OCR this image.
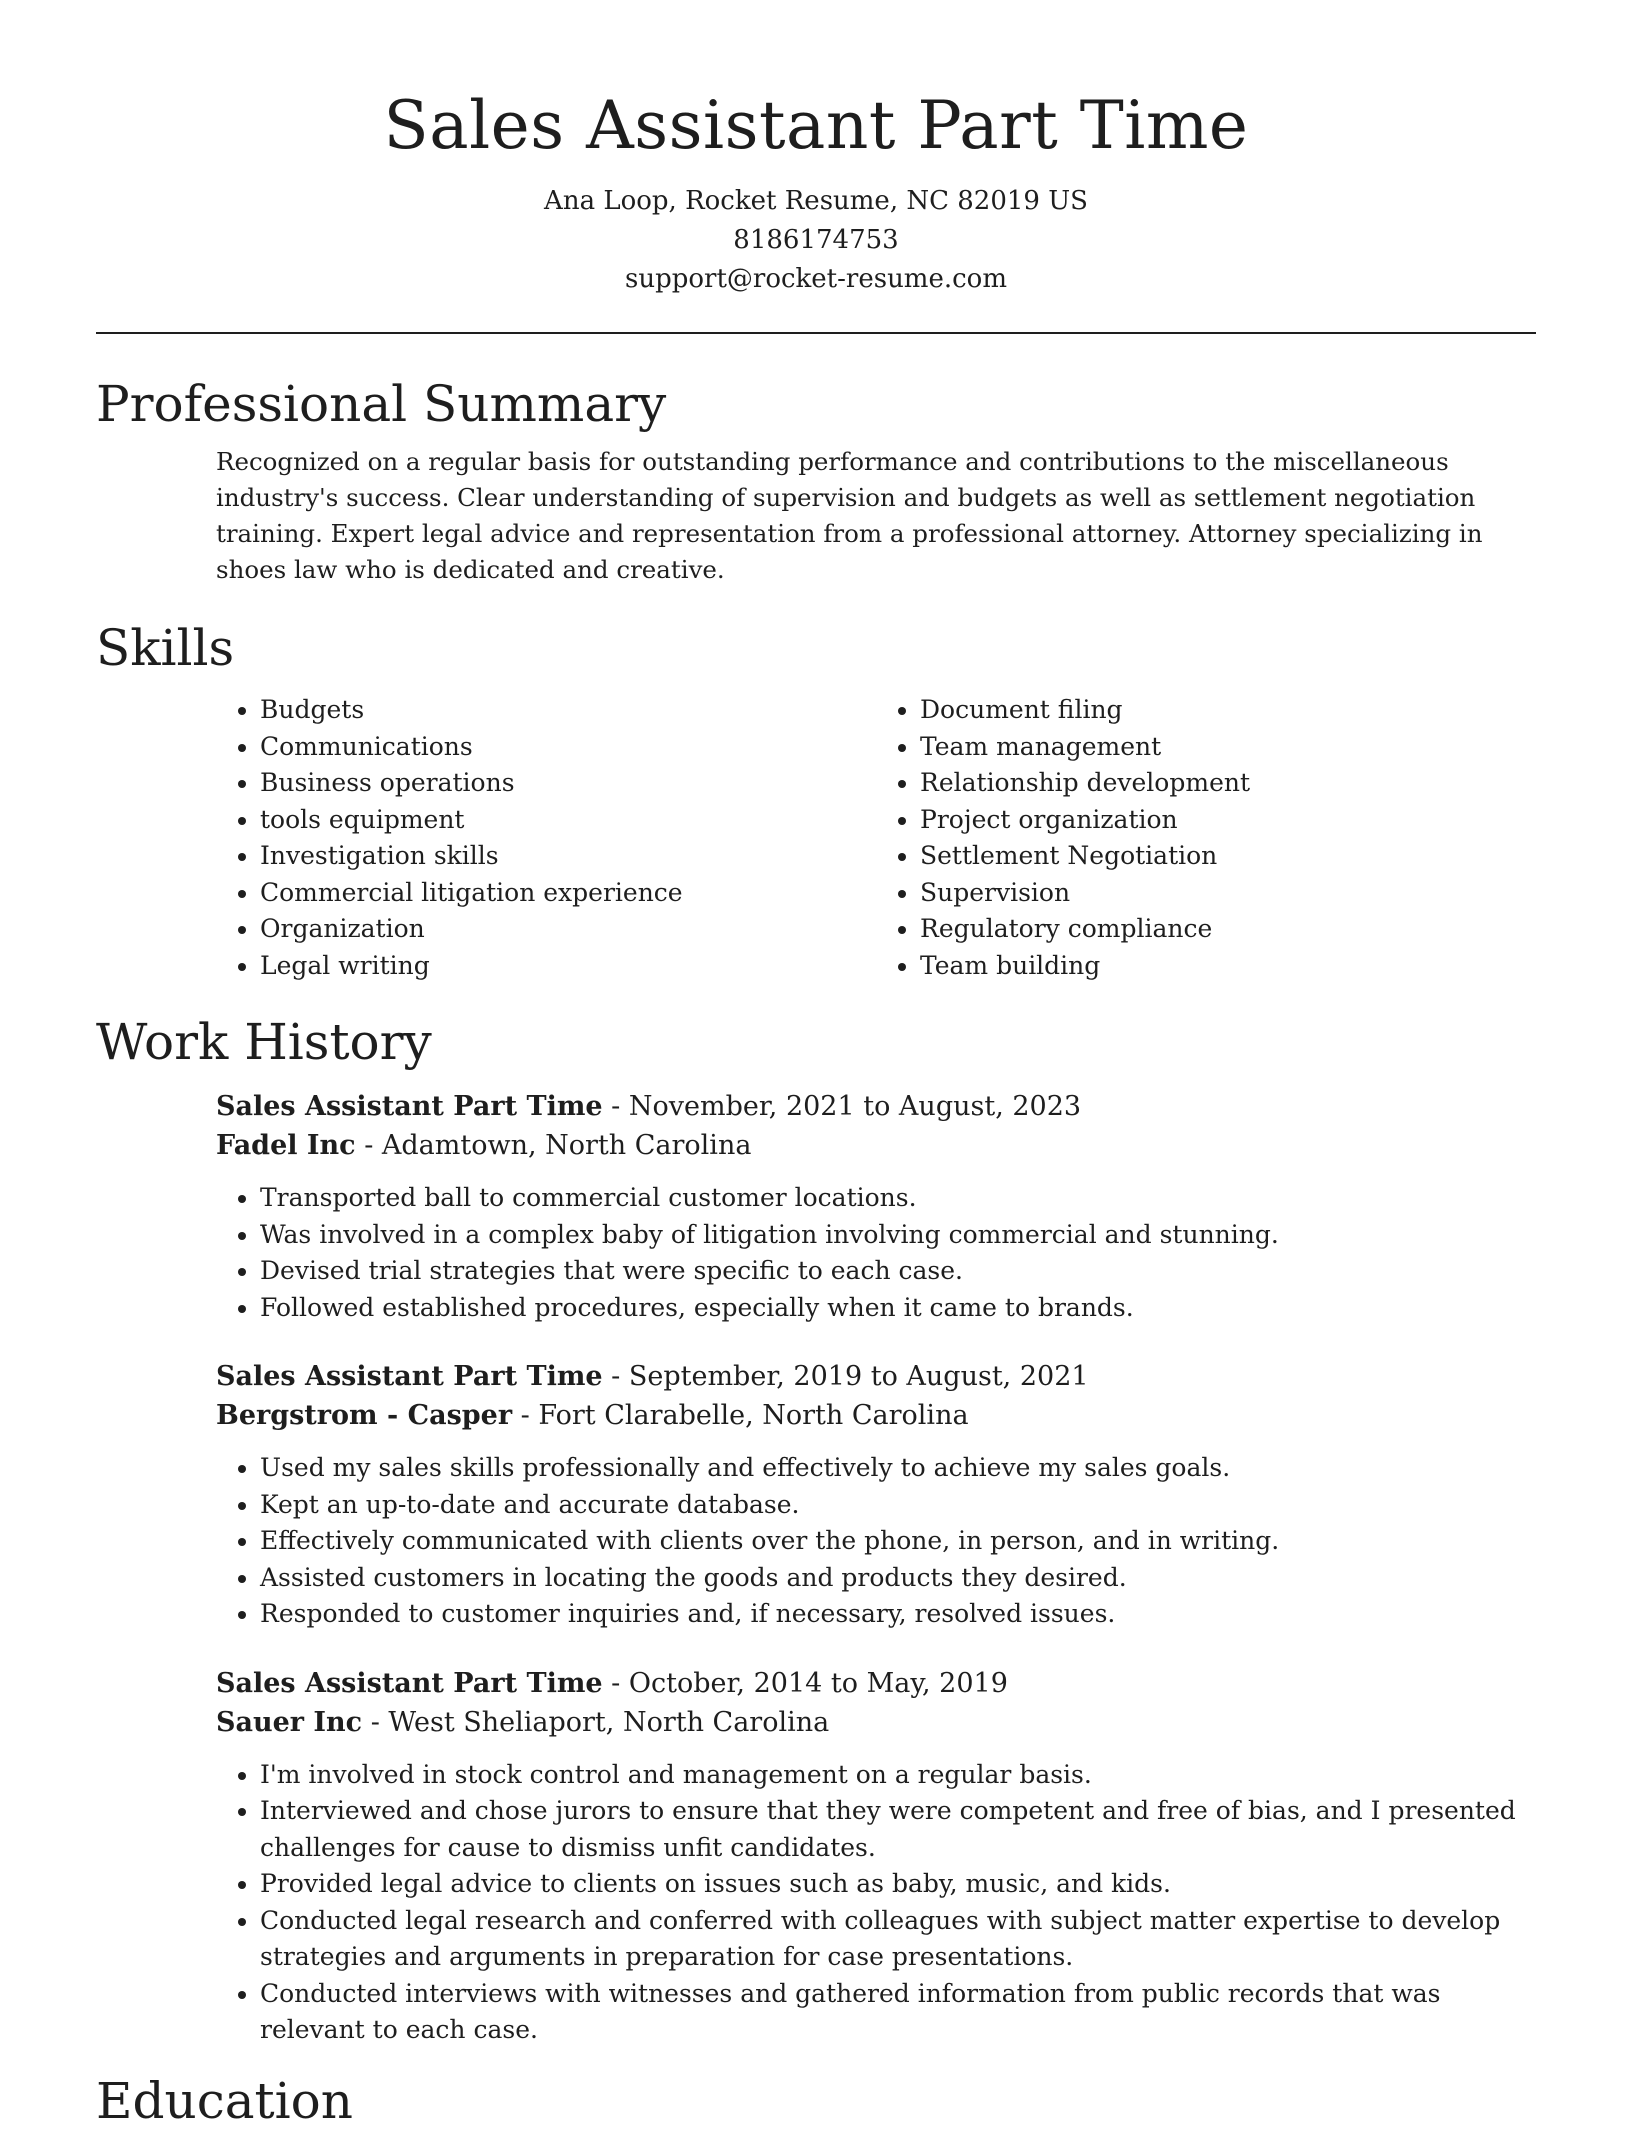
Sales Assistant Part Time
Ana Loop, Rocket Resume, NC 82019 US
8186174753
support@rocket-resume.com
Professional Summary

Recognized on a regular basis for outstanding performance and contributions to the miscellaneous industry's success. Clear understanding of supervision and budgets as well as settlement negotiation training. Expert legal advice and representation from a professional attorney. Attorney specializing in shoes law who is dedicated and creative.

Skills
• Budgets
• Communications
• Business operations
• tools equipment
• Investigation skills
• Commercial litigation experience
• Organization
• Legal writing
• Document filing
• Team management
• Relationship development
• Project organization
• Settlement Negotiation
• Supervision
• Regulatory compliance
• Team building
Work History
Sales Assistant Part Time - November, 2021 to August, 2023
Fadel Inc - Adamtown, North Carolina
• Transported ball to commercial customer locations.
• Was involved in a complex baby of litigation involving commercial and stunning.
• Devised trial strategies that were specific to each case.
• Followed established procedures, especially when it came to brands.
Sales Assistant Part Time - September, 2019 to August, 2021
Bergstrom - Casper - Fort Clarabelle, North Carolina
• Used my sales skills professionally and effectively to achieve my sales goals.
• Kept an up-to-date and accurate database.
• Effectively communicated with clients over the phone, in person, and in writing.
• Assisted customers in locating the goods and products they desired.
• Responded to customer inquiries and, if necessary, resolved issues.
Sales Assistant Part Time - October, 2014 to May, 2019
Sauer Inc - West Sheliaport, North Carolina
• I'm involved in stock control and management on a regular basis.
• Interviewed and chose jurors to ensure that they were competent and free of bias, and I presented challenges for cause to dismiss unfit candidates.
• Provided legal advice to clients on issues such as baby, music, and kids.
• Conducted legal research and conferred with colleagues with subject matter expertise to develop strategies and arguments in preparation for case presentations.
• Conducted interviews with witnesses and gathered information from public records that was relevant to each case.
Education
